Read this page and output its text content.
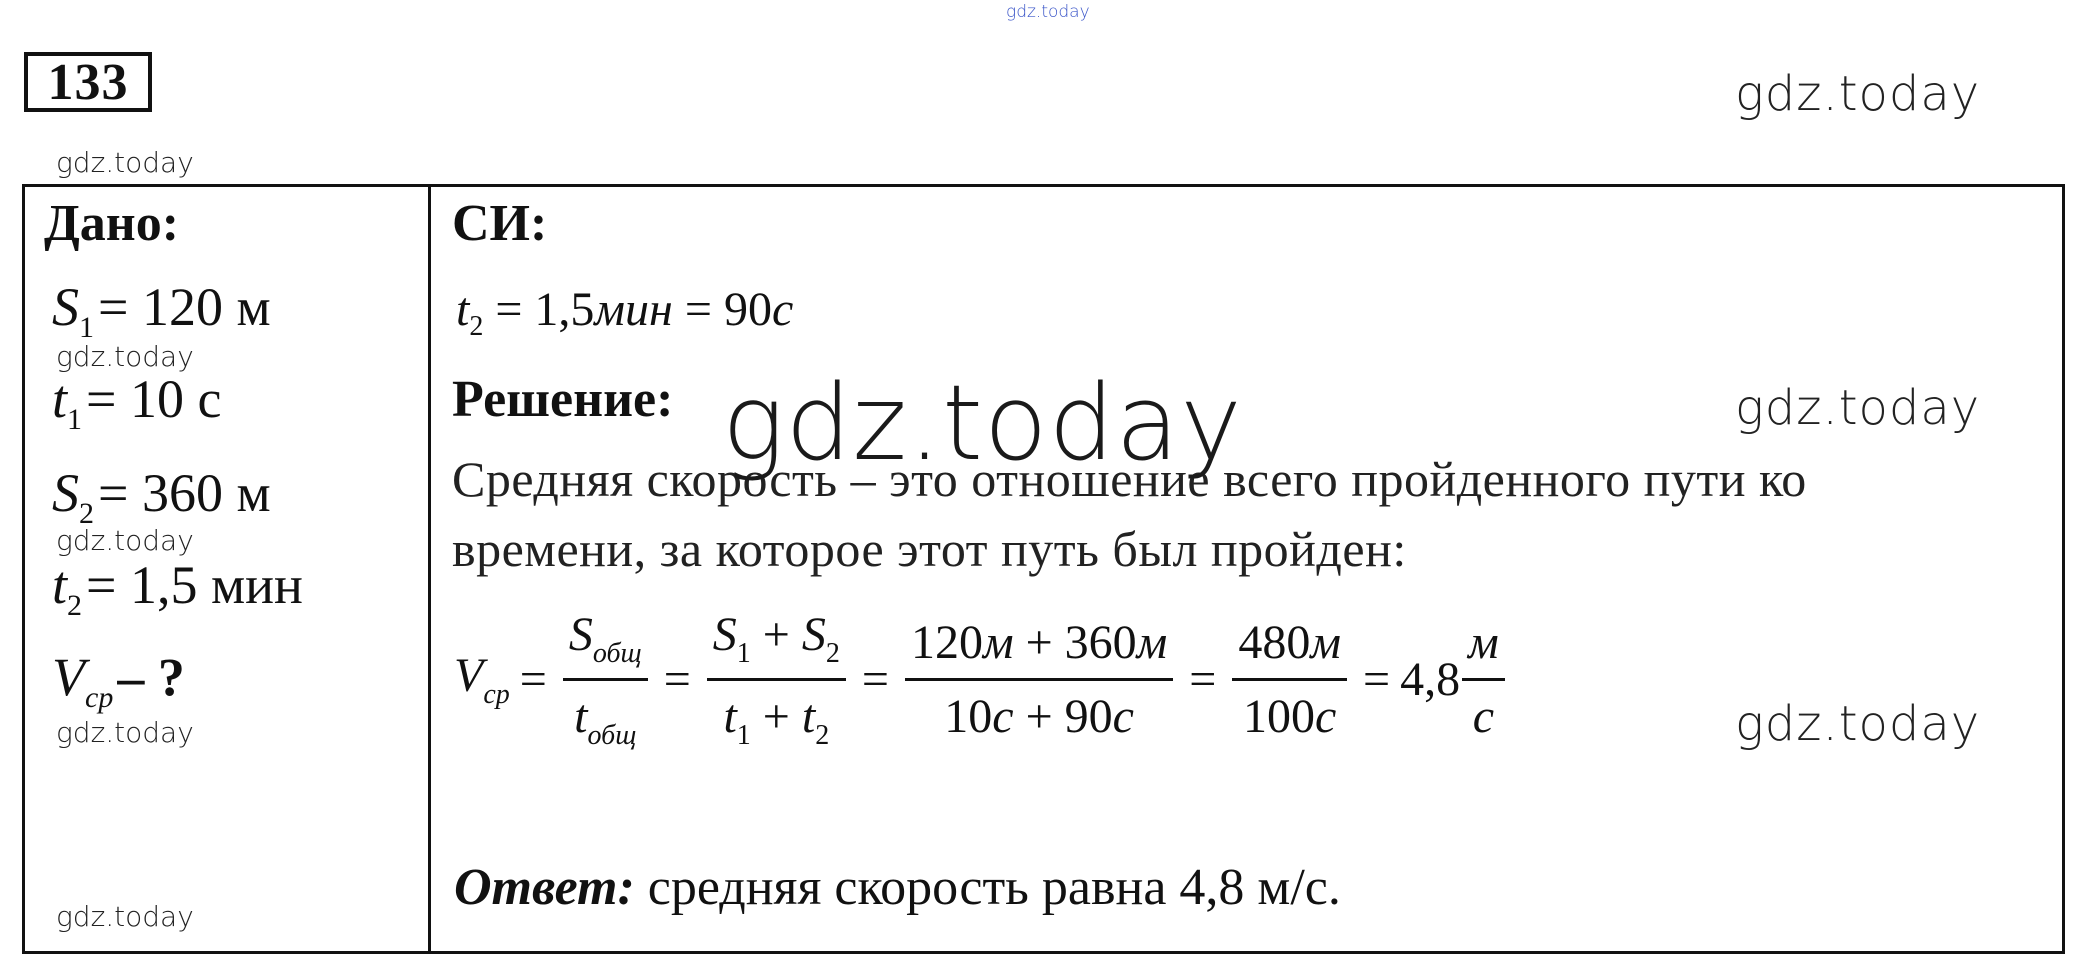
gdz.today
gdz.today
gdz.today
gdz.today
gdz.today
gdz.today
gdz.today
gdz.today
gdz.today
133
Дано:
$S_1= 120$ м
$t_1= 10$ с
$S_2= 360$ м
$t_2= 1,5$ мин
$V_{ср}-$ ?
СИ:
$t_2 = 1,5мин = 90с$
Решение:
Средняя скорость – это отношение всего пройденного пути ко
времени, за которое этот путь был пройден:
gdz.today
$V_{ср} = \frac{S_{общ}}{t_{общ}} = \frac{S_1 + S_2}{t_1 + t_2} = \frac{120м + 360м}{10с + 90с} = \frac{480м}{100с} = 4,8 \frac{м}{с}$
Ответ: средняя скорость равна 4,8 м/с.
